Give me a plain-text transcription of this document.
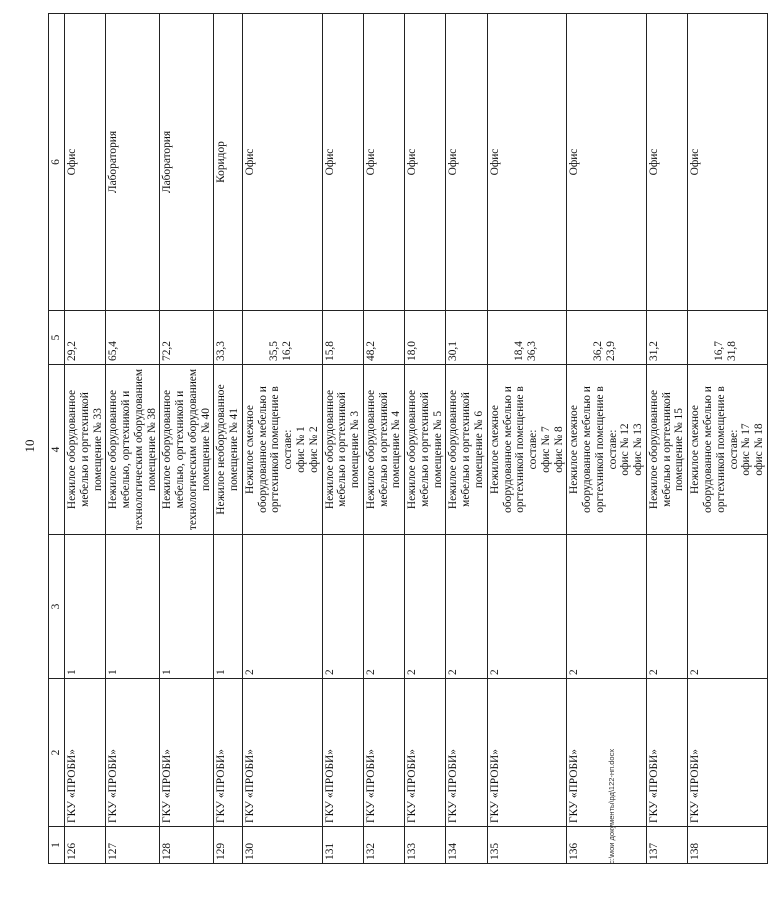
10
1	2	3	4	5	6
126	ГКУ «ПРОБИ»	1	Нежилое оборудованное мебелью и оргтехникой помещение № 33	29,2	Офис
127	ГКУ «ПРОБИ»	1	Нежилое оборудованное мебелью, оргтехникой и технологическим оборудованием помещение № 38	65,4	Лаборатория
128	ГКУ «ПРОБИ»	1	Нежилое оборудованное мебелью, оргтехникой и технологическим оборудованием помещение № 40	72,2	Лаборатория
129	ГКУ «ПРОБИ»	1	Нежилое необорудованное помещение № 41	33,3	Коридор
130	ГКУ «ПРОБИ»	2	Нежилое смежное оборудованное мебелью и оргтехникой помещение в составе: офис № 1 офис № 2	35,5 16,2	Офис
131	ГКУ «ПРОБИ»	2	Нежилое оборудованное мебелью и оргтехникой помещение № 3	15,8	Офис
132	ГКУ «ПРОБИ»	2	Нежилое оборудованное мебелью и оргтехникой помещение № 4	48,2	Офис
133	ГКУ «ПРОБИ»	2	Нежилое оборудованное мебелью и оргтехникой помещение № 5	18,0	Офис
134	ГКУ «ПРОБИ»	2	Нежилое оборудованное мебелью и оргтехникой помещение № 6	30,1	Офис
135	ГКУ «ПРОБИ»	2	Нежилое смежное оборудованное мебелью и оргтехникой помещение в составе: офис № 7 офис № 8	18,4 36,3	Офис
136	ГКУ «ПРОБИ»	2	Нежилое смежное оборудованное мебелью и оргтехникой помещение в составе: офис № 12 офис № 13	36,2 23,9	Офис
137	ГКУ «ПРОБИ»	2	Нежилое оборудованное мебелью и оргтехникой помещение № 15	31,2	Офис
138	ГКУ «ПРОБИ»	2	Нежилое смежное оборудованное мебелью и оргтехникой помещение в составе: офис № 17 офис № 18	16,7 31,8	Офис
c:\мои документы\рд\122-нп.docx
